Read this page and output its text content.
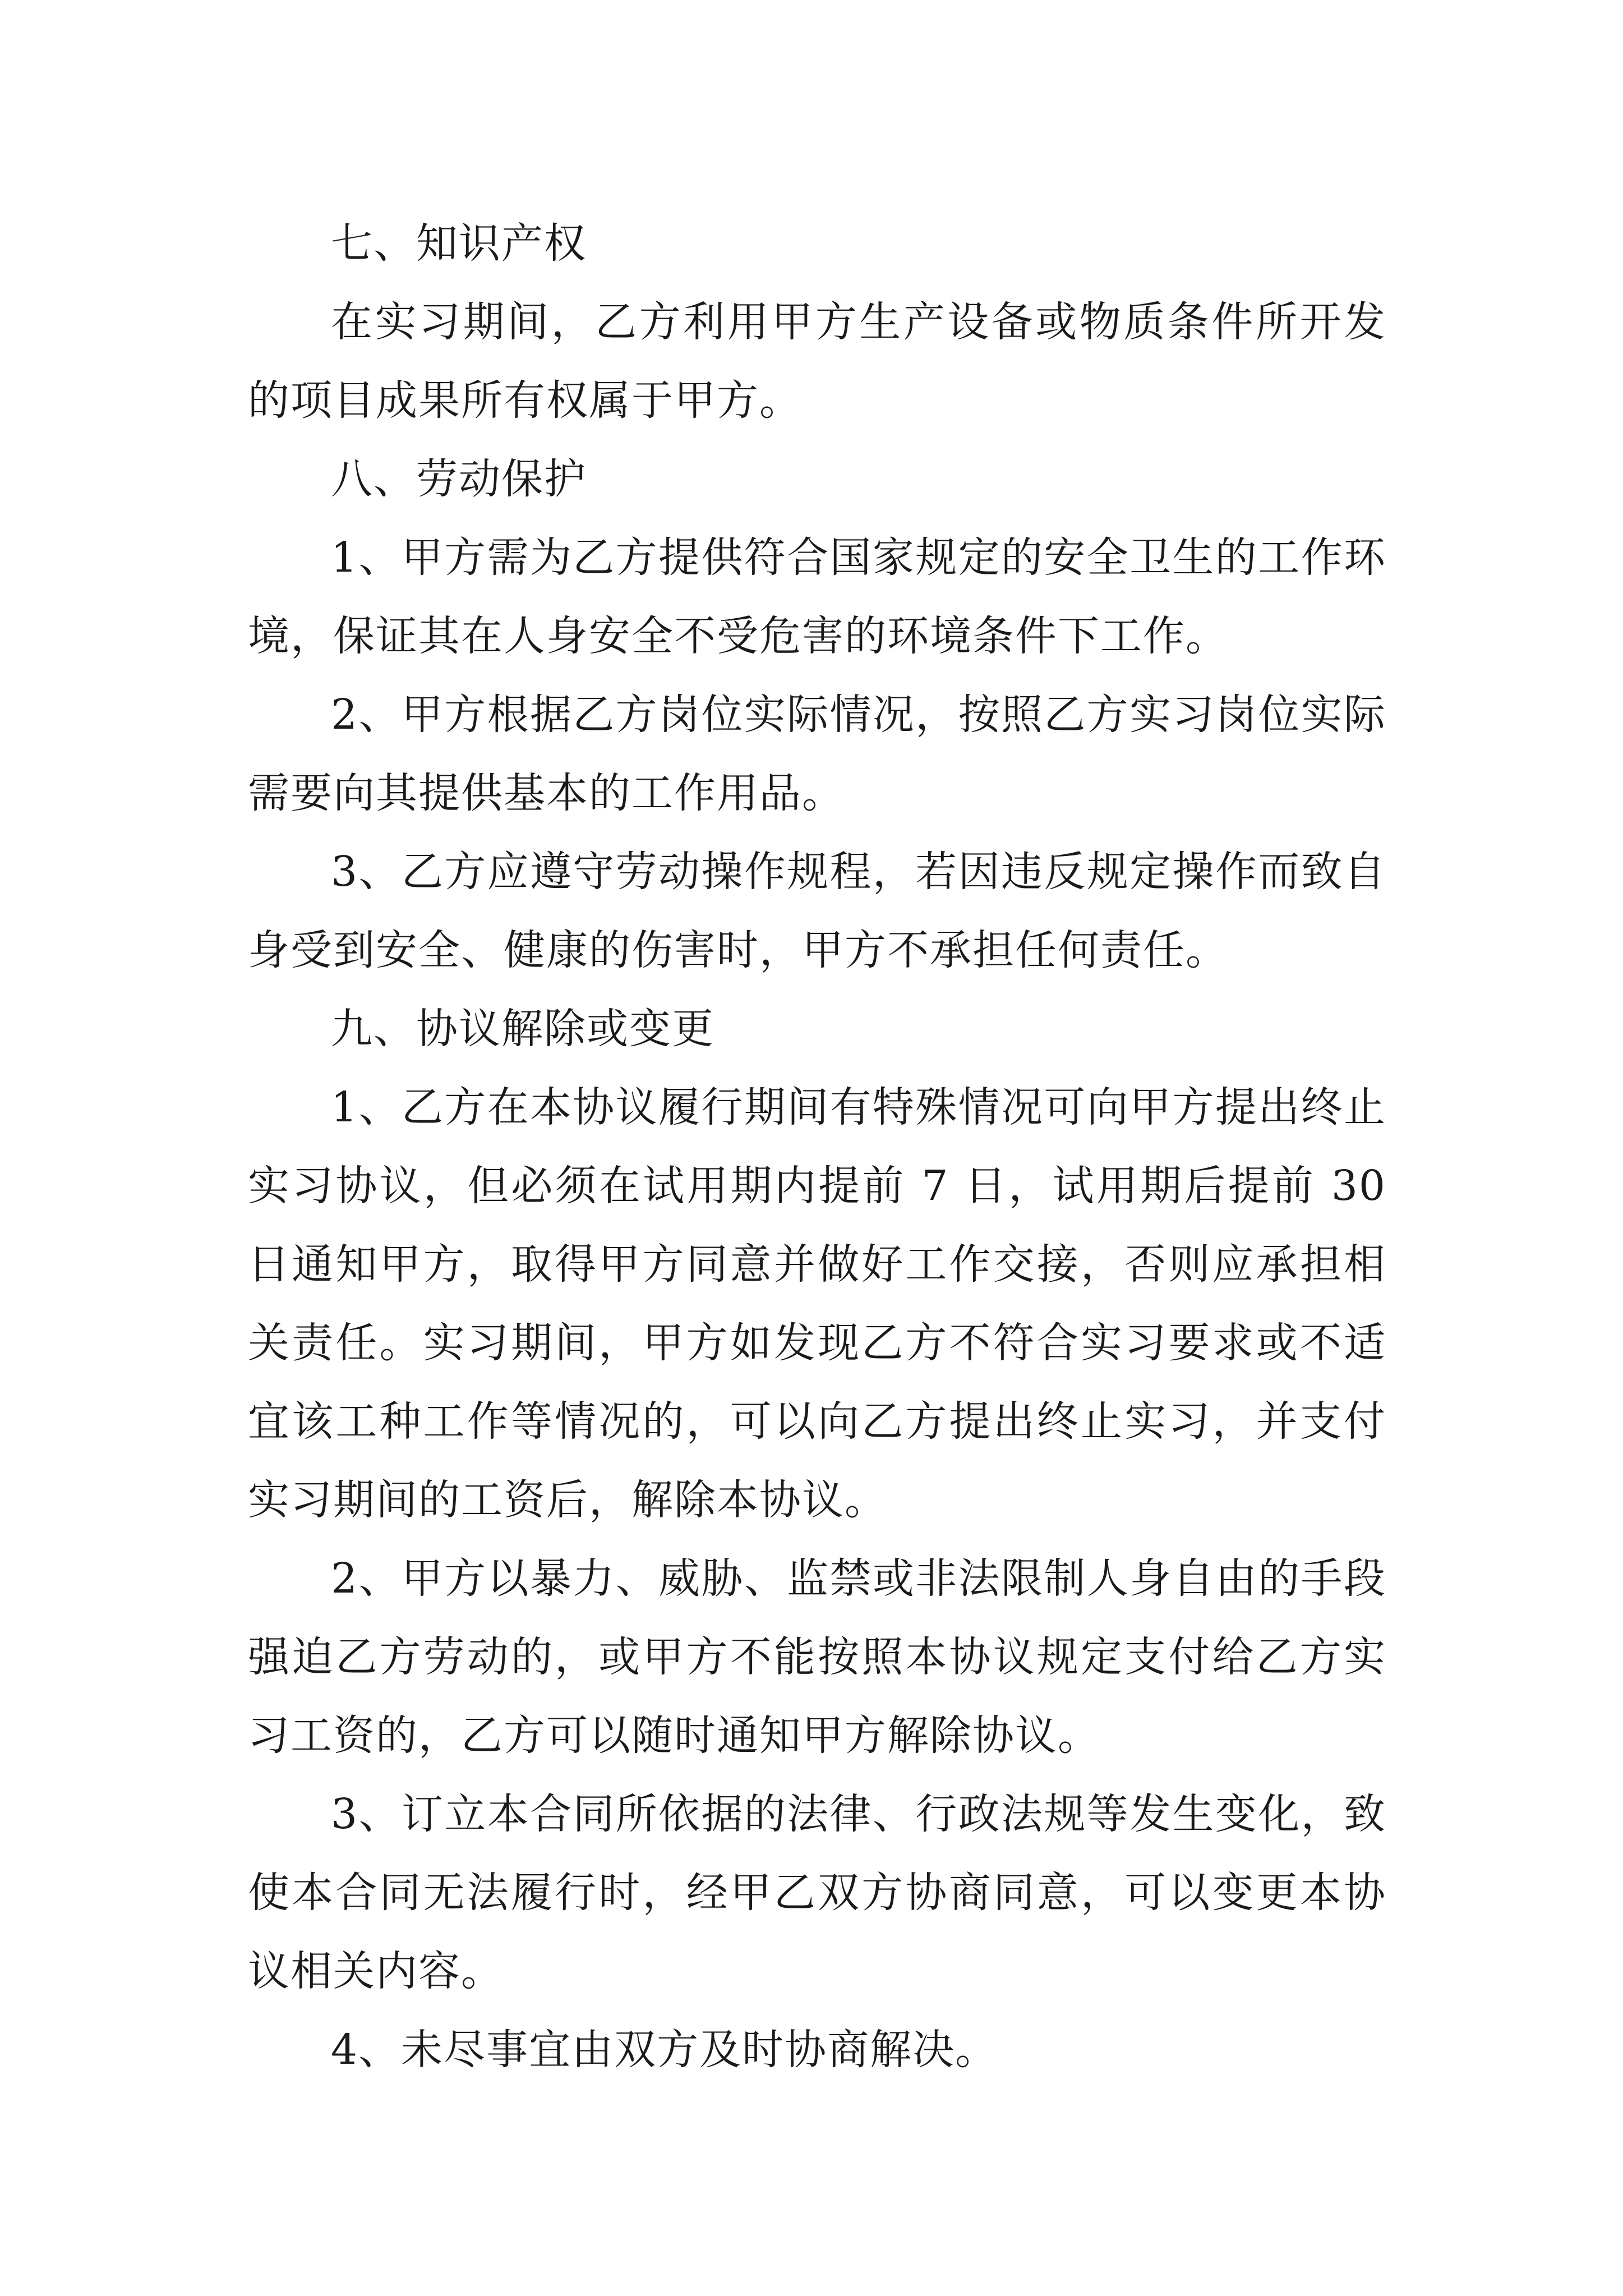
七、知识产权

在实习期间，乙方利用甲方生产设备或物质条件所开发的项目成果所有权属于甲方。

八、劳动保护

1、甲方需为乙方提供符合国家规定的安全卫生的工作环境，保证其在人身安全不受危害的环境条件下工作。

2、甲方根据乙方岗位实际情况，按照乙方实习岗位实际需要向其提供基本的工作用品。

3、乙方应遵守劳动操作规程，若因违反规定操作而致自身受到安全、健康的伤害时，甲方不承担任何责任。

九、协议解除或变更

1、乙方在本协议履行期间有特殊情况可向甲方提出终止实习协议，但必须在试用期内提前 7 日，试用期后提前 30 日通知甲方，取得甲方同意并做好工作交接，否则应承担相关责任。实习期间，甲方如发现乙方不符合实习要求或不适宜该工种工作等情况的，可以向乙方提出终止实习，并支付实习期间的工资后，解除本协议。

2、甲方以暴力、威胁、监禁或非法限制人身自由的手段强迫乙方劳动的，或甲方不能按照本协议规定支付给乙方实习工资的，乙方可以随时通知甲方解除协议。

3、订立本合同所依据的法律、行政法规等发生变化，致使本合同无法履行时，经甲乙双方协商同意，可以变更本协议相关内容。

4、未尽事宜由双方及时协商解决。
